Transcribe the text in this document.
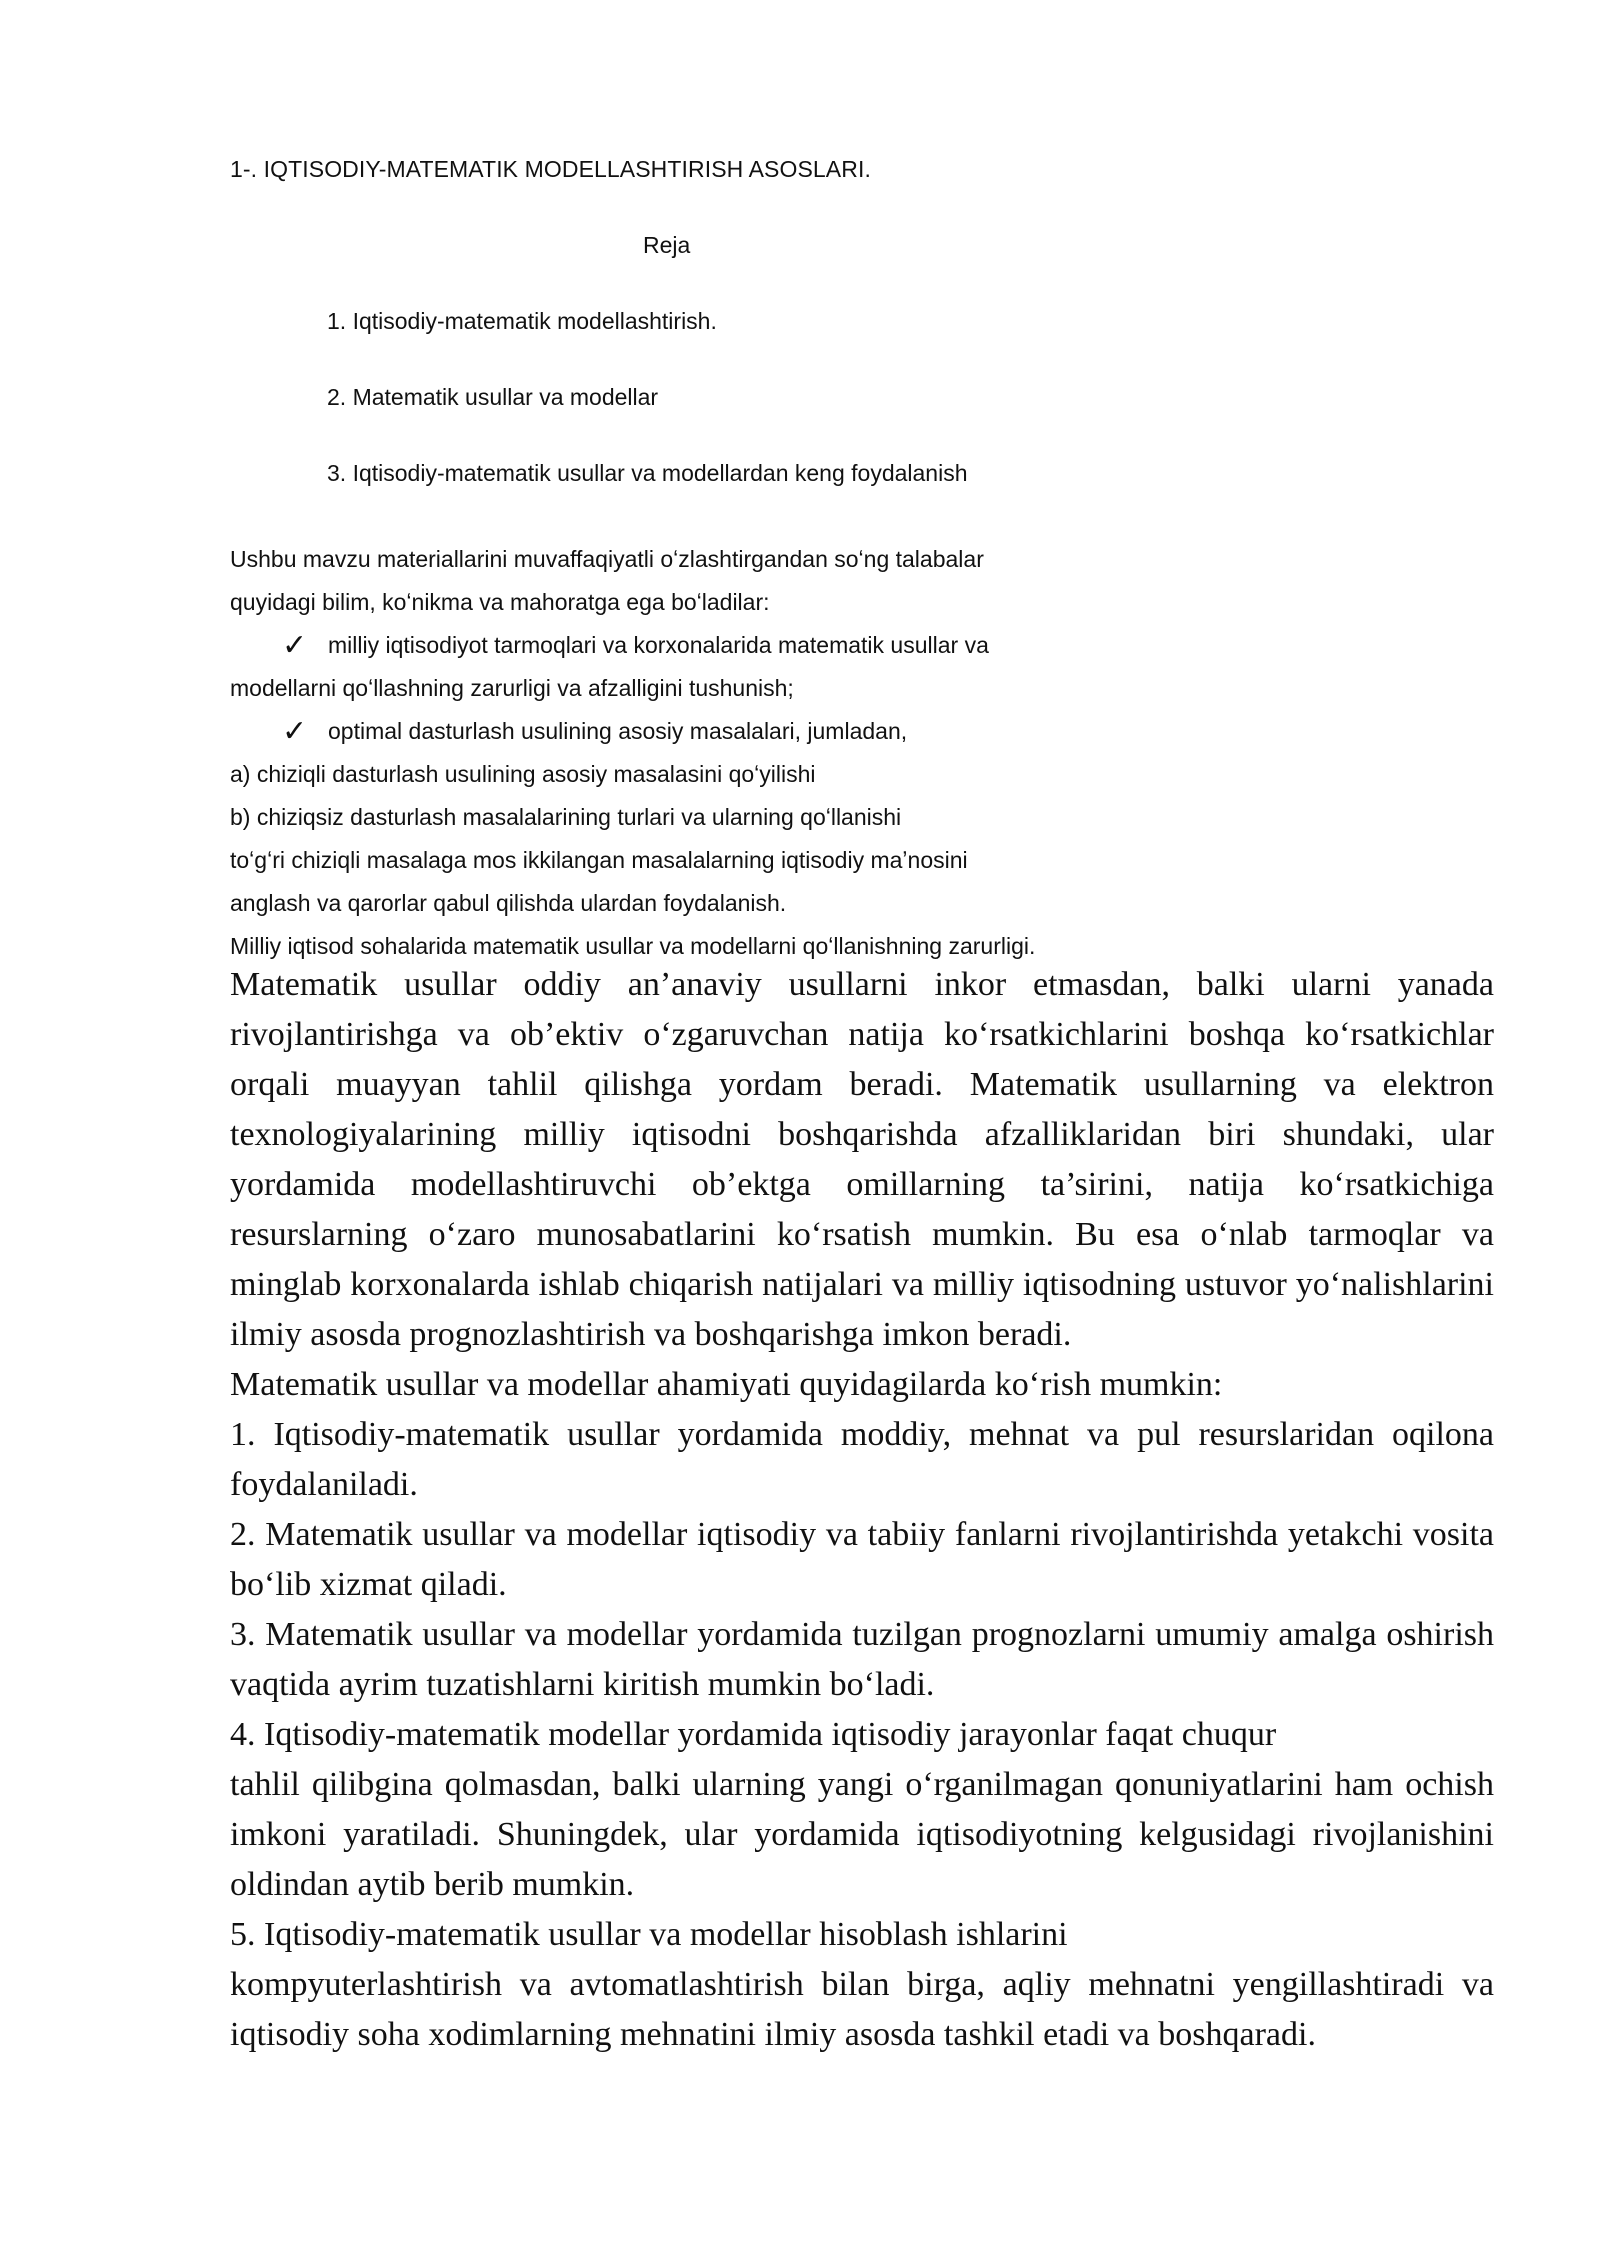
1-. IQTISODIY-MATEMATIK MODELLASHTIRISH ASOSLARI.
Reja
1. Iqtisodiy-matematik modellashtirish.
2. Matematik usullar va modellar
3. Iqtisodiy-matematik usullar va modellardan keng foydalanish
Ushbu mavzu materiallarini muvaffaqiyatli oʻzlashtirgandan soʻng talabalar
quyidagi bilim, koʻnikma va mahoratga ega boʻladilar:
✓ milliy iqtisodiyot tarmoqlari va korxonalarida matematik usullar va
modellarni qoʻllashning zarurligi va afzalligini tushunish;
✓ optimal dasturlash usulining asosiy masalalari, jumladan,
a) chiziqli dasturlash usulining asosiy masalasini qoʻyilishi
b) chiziqsiz dasturlash masalalarining turlari va ularning qoʻllanishi
toʻgʻri chiziqli masalaga mos ikkilangan masalalarning iqtisodiy maʼnosini
anglash va qarorlar qabul qilishda ulardan foydalanish.
Milliy iqtisod sohalarida matematik usullar va modellarni qoʻllanishning zarurligi.

Matematik usullar oddiy an’anaviy usullarni inkor etmasdan, balki ularni yanada rivojlantirishga va ob’ektiv o‘zgaruvchan natija ko‘rsatkichlarini boshqa ko‘rsatkichlar orqali muayyan tahlil qilishga yordam beradi. Matematik usullarning va elektron texnologiyalarining milliy iqtisodni boshqarishda afzalliklaridan biri shundaki, ular yordamida modellashtiruvchi ob’ektga omillarning ta’sirini, natija ko‘rsatkichiga resurslarning o‘zaro munosabatlarini ko‘rsatish mumkin. Bu esa o‘nlab tarmoqlar va minglab korxonalarda ishlab chiqarish natijalari va milliy iqtisodning ustuvor yo‘nalishlarini ilmiy asosda prognozlashtirish va boshqarishga imkon beradi.

Matematik usullar va modellar ahamiyati quyidagilarda ko‘rish mumkin:

1. Iqtisodiy-matematik usullar yordamida moddiy, mehnat va pul resurslaridan oqilona foydalaniladi.

2. Matematik usullar va modellar iqtisodiy va tabiiy fanlarni rivojlantirishda yetakchi vosita bo‘lib xizmat qiladi.

3. Matematik usullar va modellar yordamida tuzilgan prognozlarni umumiy amalga oshirish vaqtida ayrim tuzatishlarni kiritish mumkin bo‘ladi.

4. Iqtisodiy-matematik modellar yordamida iqtisodiy jarayonlar faqat chuqur
tahlil qilibgina qolmasdan, balki ularning yangi o‘rganilmagan qonuniyatlarini ham ochish imkoni yaratiladi. Shuningdek, ular yordamida iqtisodiyotning kelgusidagi rivojlanishini oldindan aytib berib mumkin.

5. Iqtisodiy-matematik usullar va modellar hisoblash ishlarini
kompyuterlashtirish va avtomatlashtirish bilan birga, aqliy mehnatni yengillashtiradi va iqtisodiy soha xodimlarning mehnatini ilmiy asosda tashkil etadi va boshqaradi.
